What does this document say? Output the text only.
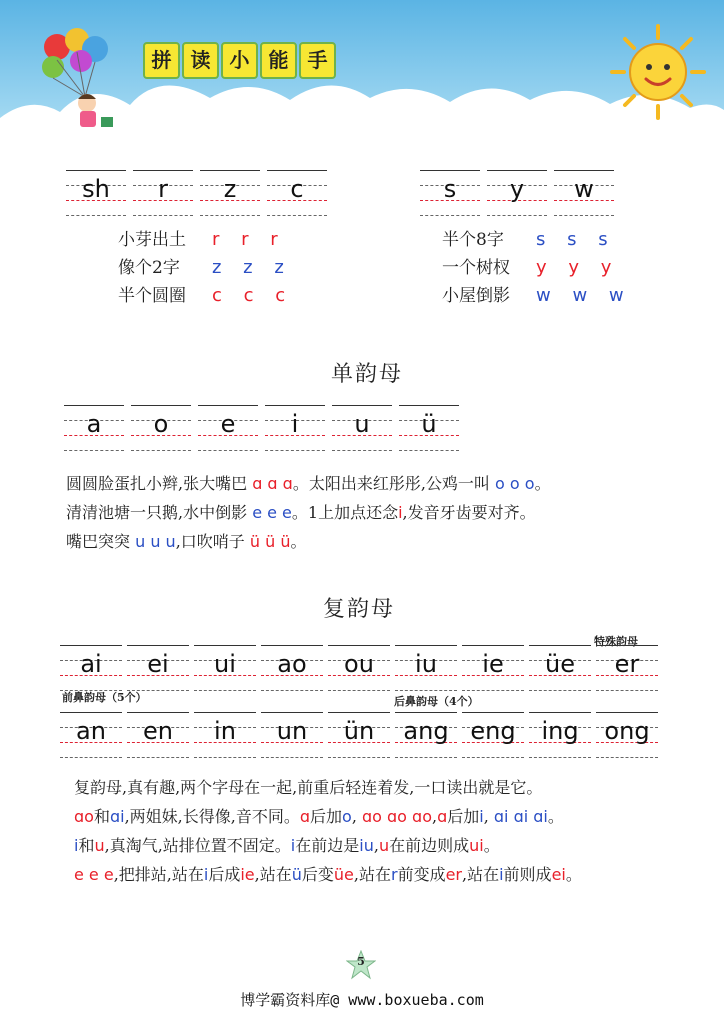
拼 读 小 能 手
sh	r	z	c	s	y	w
小芽出土	r r r
像个2字	z z z
半个圆圈	c c c
半个8字	s s s
一个树杈	y y y
小屋倒影	w w w
单韵母
a	o	e	i	u	ü
圆圆脸蛋扎小辫,张大嘴巴 ɑ ɑ ɑ。太阳出来红彤彤,公鸡一叫 o o o。
清清池塘一只鹅,水中倒影 e e e。1上加点还念i,发音牙齿要对齐。
嘴巴突突 u u u,口吹哨子 ü ü ü。
复韵母
特殊韵母
ai	ei	ui	ao	ou	iu	ie	üe	er
前鼻韵母（5个）	后鼻韵母（4个）
an	en	in	un	ün	ang eng	ing	ong
复韵母,真有趣,两个字母在一起,前重后轻连着发,一口读出就是它。
ɑo和ɑi,两姐妹,长得像,音不同。ɑ后加o, ɑo ɑo ɑo,ɑ后加i, ɑi ɑi ɑi。
i和u,真淘气,站排位置不固定。i在前边是iu,u在前边则成ui。
e e e,把排站,站在i后成ie,站在ü后变üe,站在r前变成er,站在i前则成ei。
5
博学霸资料库@ www.boxueba.com
